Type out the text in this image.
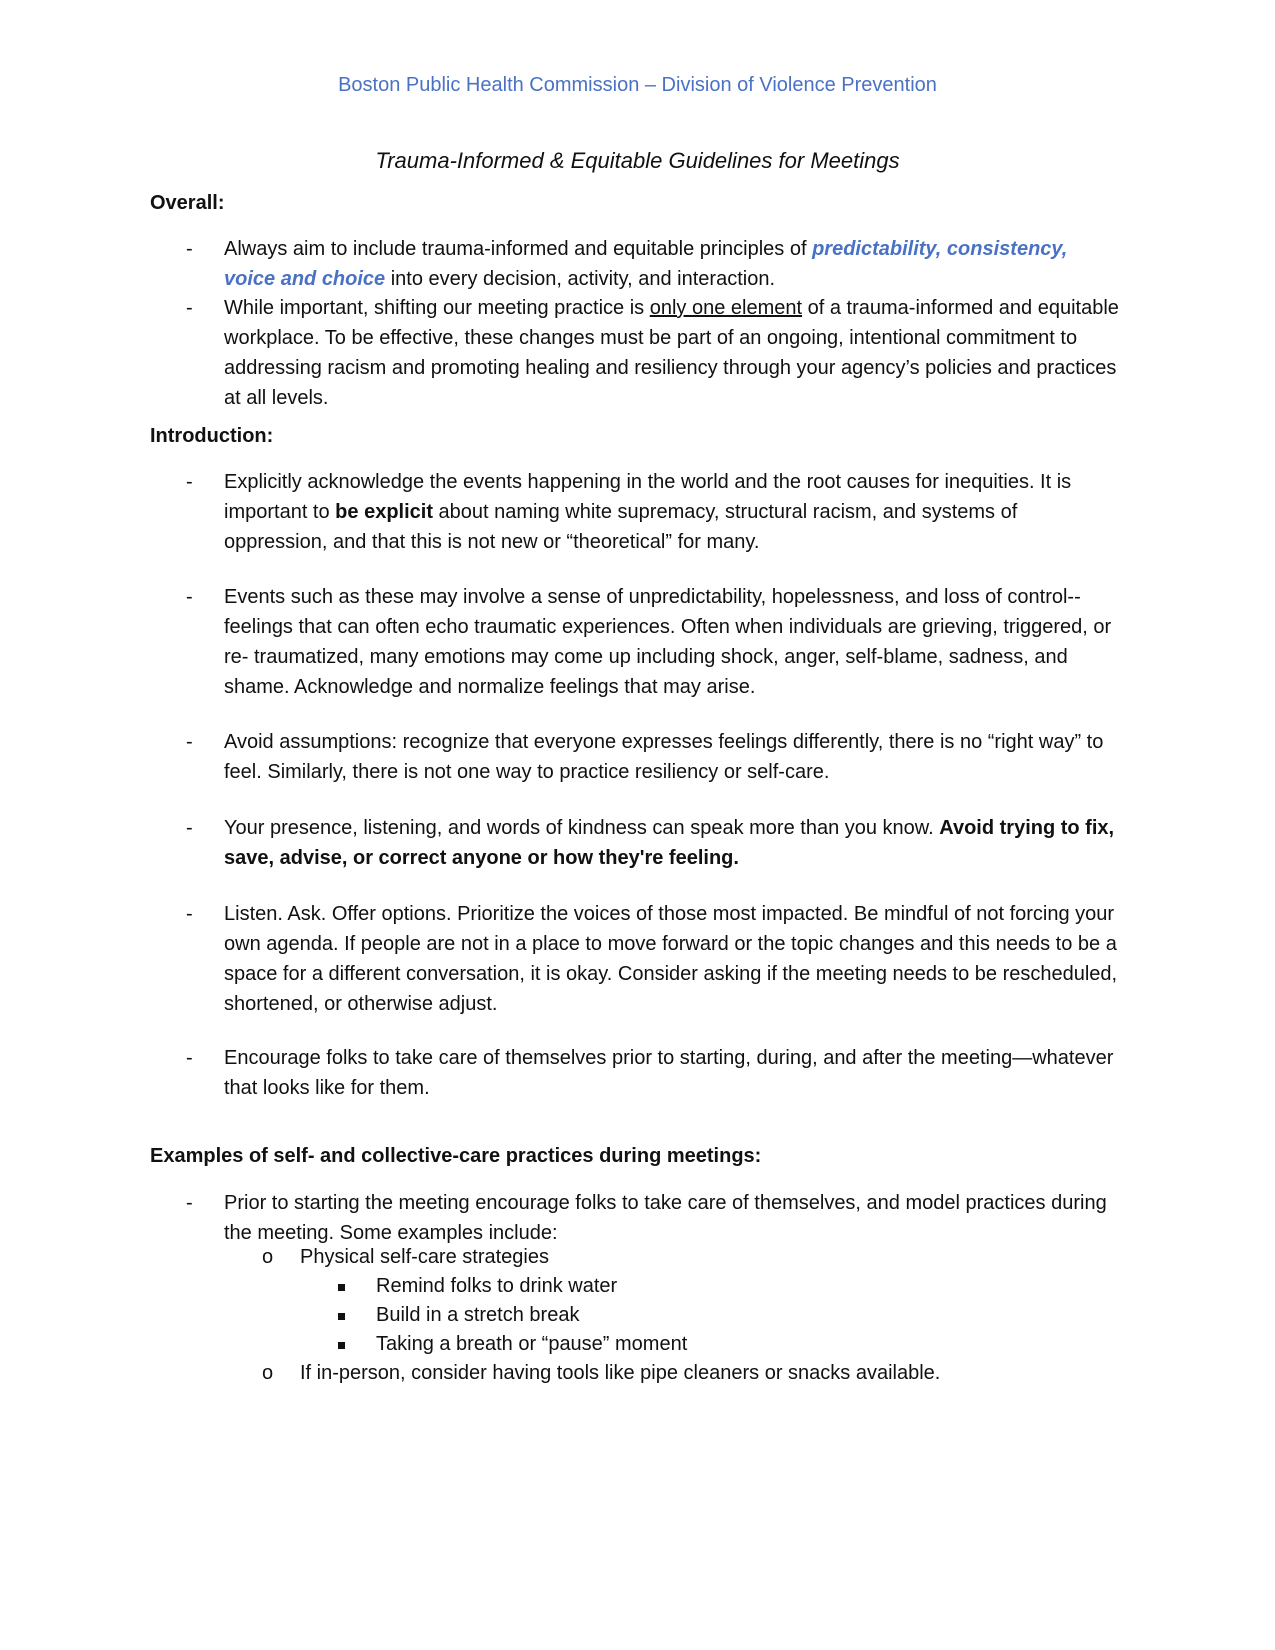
Boston Public Health Commission – Division of Violence Prevention
Trauma-Informed & Equitable Guidelines for Meetings
Overall:
- Always aim to include trauma-informed and equitable principles of predictability, consistency, voice and choice into every decision, activity, and interaction.
- While important, shifting our meeting practice is only one element of a trauma-informed and equitable workplace. To be effective, these changes must be part of an ongoing, intentional commitment to addressing racism and promoting healing and resiliency through your agency’s policies and practices at all levels.
Introduction:
- Explicitly acknowledge the events happening in the world and the root causes for inequities. It is important to be explicit about naming white supremacy, structural racism, and systems of oppression, and that this is not new or “theoretical” for many.
- Events such as these may involve a sense of unpredictability, hopelessness, and loss of control--feelings that can often echo traumatic experiences. Often when individuals are grieving, triggered, or re- traumatized, many emotions may come up including shock, anger, self-blame, sadness, and shame. Acknowledge and normalize feelings that may arise.
- Avoid assumptions: recognize that everyone expresses feelings differently, there is no “right way” to feel. Similarly, there is not one way to practice resiliency or self-care.
- Your presence, listening, and words of kindness can speak more than you know. Avoid trying to fix, save, advise, or correct anyone or how they're feeling.
- Listen. Ask. Offer options. Prioritize the voices of those most impacted. Be mindful of not forcing your own agenda. If people are not in a place to move forward or the topic changes and this needs to be a space for a different conversation, it is okay. Consider asking if the meeting needs to be rescheduled, shortened, or otherwise adjust.
- Encourage folks to take care of themselves prior to starting, during, and after the meeting—whatever that looks like for them.
Examples of self- and collective-care practices during meetings:
- Prior to starting the meeting encourage folks to take care of themselves, and model practices during the meeting. Some examples include:
o Physical self-care strategies
Remind folks to drink water
Build in a stretch break
Taking a breath or “pause” moment
o If in-person, consider having tools like pipe cleaners or snacks available.
